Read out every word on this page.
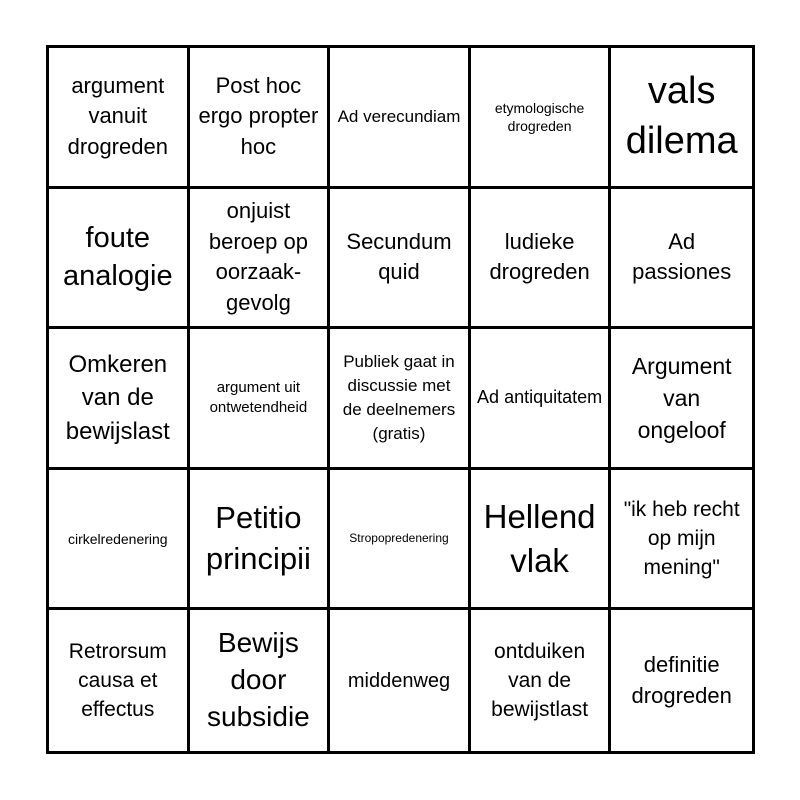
argument vanuit drogreden
Post hoc ergo propter hoc
Ad verecundiam	etymologische drogreden
vals dilema
foute analogie
onjuist beroep op oorzaak-gevolg
Secundum quid
ludieke drogreden
Ad passiones
Omkeren van de bewijslast
argument uit ontwetendheid
Publiek gaat in discussie met de deelnemers (gratis)
Ad antiquitatem
Argument van ongeloof
cirkelredenering
Petitio principii
Stropopredenering
Hellend vlak
"ik heb recht op mijn mening"
Retrorsum causa et effectus
Bewijs door subsidie
middenweg
ontduiken van de bewijstlast
definitie drogreden
